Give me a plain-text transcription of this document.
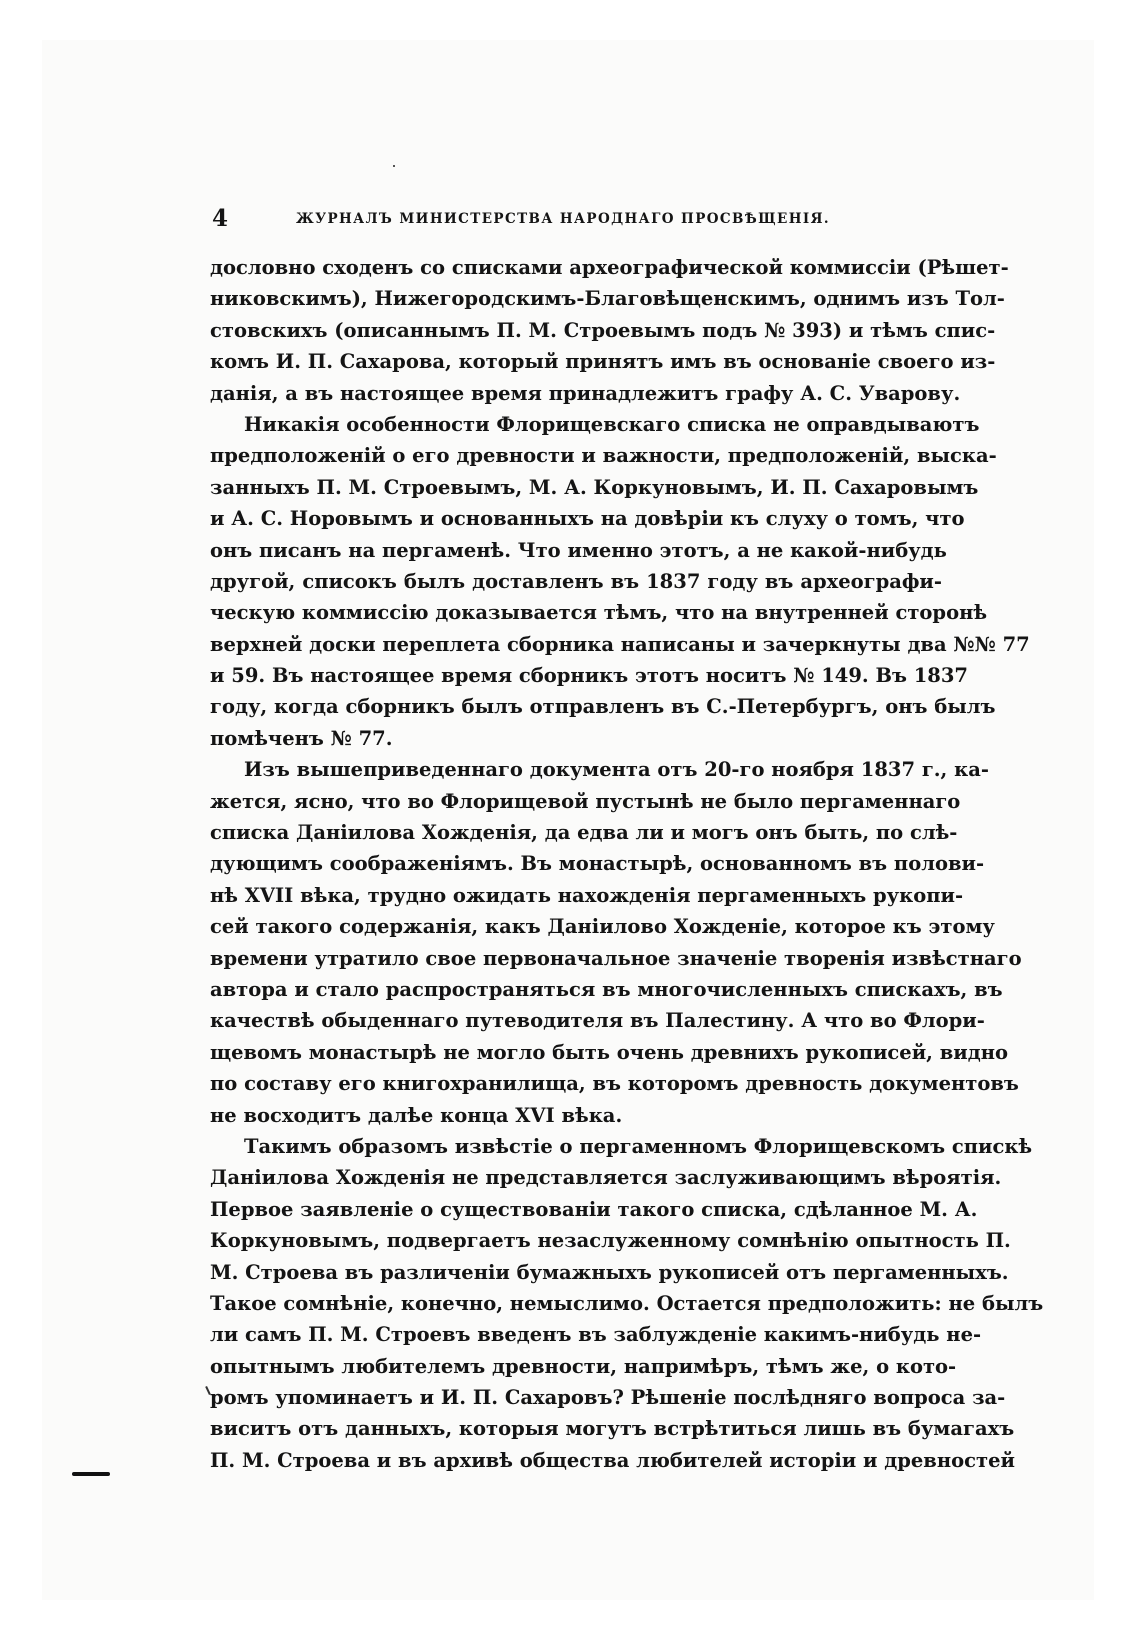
4	ЖУРНАЛЪ МИНИСТЕРСТВА НАРОДНАГО ПРОСВѢЩЕНІЯ.
дословно сходенъ со списками археографической коммиссіи (Рѣшет-
никовскимъ), Нижегородскимъ-Благовѣщенскимъ, однимъ изъ Тол-
стовскихъ (описаннымъ П. М. Строевымъ подъ № 393) и тѣмъ спис-
комъ И. П. Сахарова, который принятъ имъ въ основаніе своего из-
данія, а въ настоящее время принадлежитъ графу А. С. Уварову.
Никакія особенности Флорищевскаго списка не оправдываютъ
предположеній о его древности и важности, предположеній, выска-
занныхъ П. М. Строевымъ, М. А. Коркуновымъ, И. П. Сахаровымъ
и А. С. Норовымъ и основанныхъ на довѣріи къ слуху о томъ, что
онъ писанъ на пергаменѣ. Что именно этотъ, а не какой-нибудь
другой, списокъ былъ доставленъ въ 1837 году въ археографи-
ческую коммиссію доказывается тѣмъ, что на внутренней сторонѣ
верхней доски переплета сборника написаны и зачеркнуты два №№ 77
и 59. Въ настоящее время сборникъ этотъ носитъ № 149. Въ 1837
году, когда сборникъ былъ отправленъ въ С.-Петербургъ, онъ былъ
помѣченъ № 77.
Изъ вышеприведеннаго документа отъ 20-го ноября 1837 г., ка-
жется, ясно, что во Флорищевой пустынѣ не было пергаменнаго
списка Даніилова Хожденія, да едва ли и могъ онъ быть, по слѣ-
дующимъ соображеніямъ. Въ монастырѣ, основанномъ въ полови-
нѣ XVII вѣка, трудно ожидать нахожденія пергаменныхъ рукопи-
сей такого содержанія, какъ Даніилово Хожденіе, которое къ этому
времени утратило свое первоначальное значеніе творенія извѣстнаго
автора и стало распространяться въ многочисленныхъ спискахъ, въ
качествѣ обыденнаго путеводителя въ Палестину. А что во Флори-
щевомъ монастырѣ не могло быть очень древнихъ рукописей, видно
по составу его книгохранилища, въ которомъ древность документовъ
не восходитъ далѣе конца XVI вѣка.
Такимъ образомъ извѣстіе о пергаменномъ Флорищевскомъ спискѣ
Даніилова Хожденія не представляется заслуживающимъ вѣроятія.
Первое заявленіе о существованіи такого списка, сдѣланное М. А.
Коркуновымъ, подвергаетъ незаслуженному сомнѣнію опытность П.
М. Строева въ различеніи бумажныхъ рукописей отъ пергаменныхъ.
Такое сомнѣніе, конечно, немыслимо. Остается предположить: не былъ
ли самъ П. М. Строевъ введенъ въ заблужденіе какимъ-нибудь не-
опытнымъ любителемъ древности, напримѣръ, тѣмъ же, о кото-
ромъ упоминаетъ и И. П. Сахаровъ? Рѣшеніе послѣдняго вопроса за-
виситъ отъ данныхъ, которыя могутъ встрѣтиться лишь въ бумагахъ
П. М. Строева и въ архивѣ общества любителей исторіи и древностей
